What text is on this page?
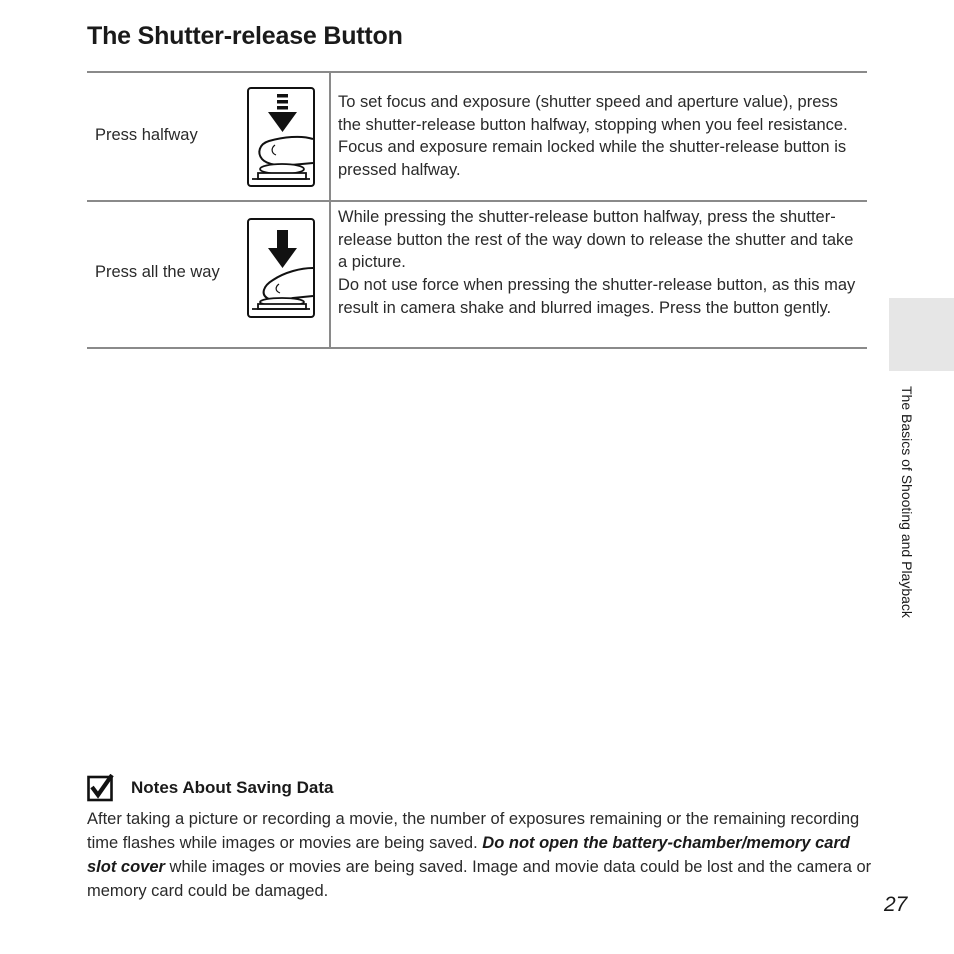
The Shutter-release Button
Press halfway

To set focus and exposure (shutter speed and aperture value), press the shutter-release button halfway, stopping when you feel resistance. Focus and exposure remain locked while the shutter-release button is pressed halfway.

Press all the way

While pressing the shutter-release button halfway, press the shutter-release button the rest of the way down to release the shutter and take a picture.

Do not use force when pressing the shutter-release button, as this may result in camera shake and blurred images. Press the button gently.

The Basics of Shooting and Playback
Notes About Saving Data
After taking a picture or recording a movie, the number of exposures remaining or the remaining recording time flashes while images or movies are being saved. Do not open the battery-chamber/memory card slot cover while images or movies are being saved. Image and movie data could be lost and the camera or memory card could be damaged.
27
